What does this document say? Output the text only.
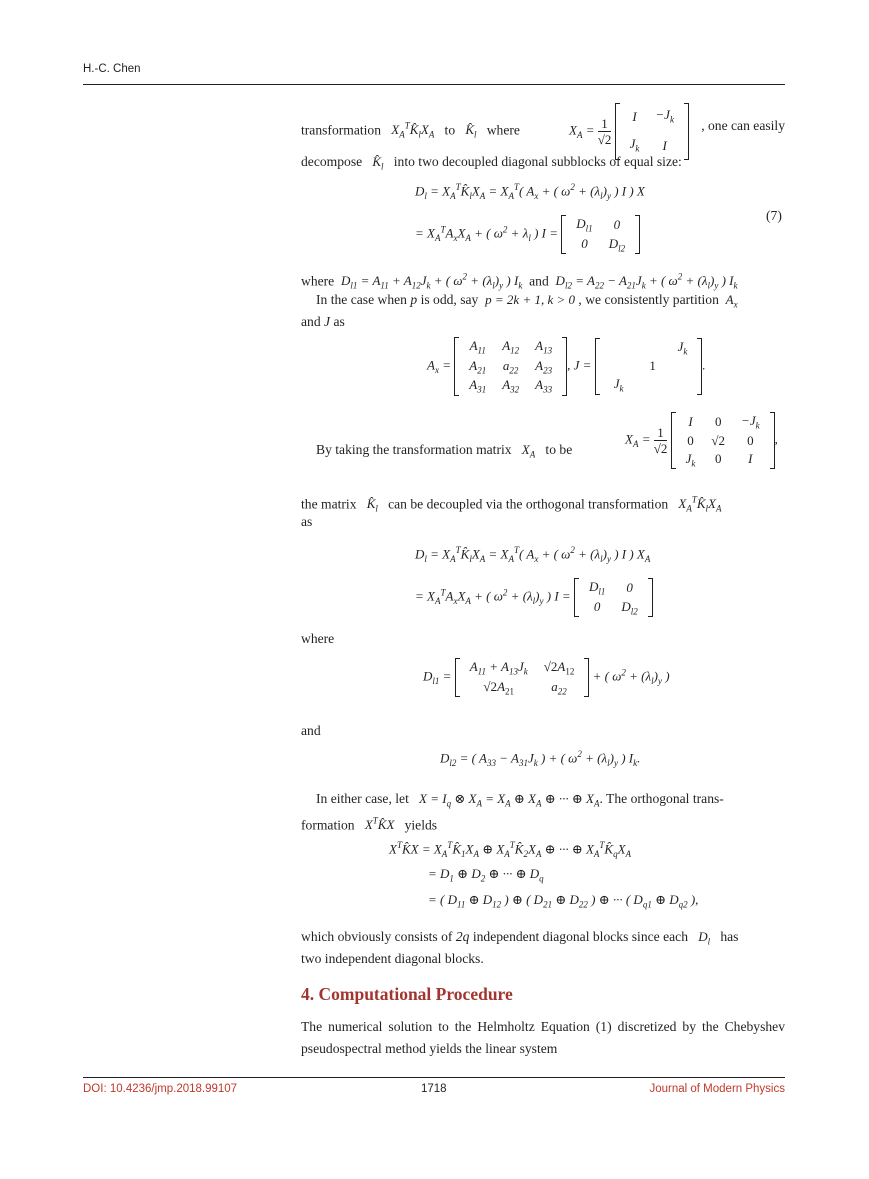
H.-C. Chen
transformation $X_A^TK̂_lX_A$ to $K̂_l$ where	$X_A = \frac{1}{√2}$
I	$-J_k$
$J_k$	I
, one can easily
decompose $K̂_l$ into two decoupled diagonal subblocks of equal size:
$D_l$ = $X_A^TK̂_lX_A = X_A^T$( $A_x$ + ( $\omega^2 + (\lambda_l)_y$ ) I ) X
= $X_A^TA_xX_A$ + ( $\omega^2 + \lambda_l$ ) I =
$D_{l1}$	0
0	$D_{l2}$
(7)
where $D_{l1} = A_{11} + A_{12}J_k$ + ( $\omega^2 + (\lambda_l)_y$ ) $I_k$ and $D_{l2} = A_{22} - A_{21}J_k$ + ( $\omega^2 + (\lambda_l)_y$ ) $I_k$
In the case when p is odd, say p = 2k + 1, k > 0 , we consistently partition $A_x$
and J as
$A_x$ =
$A_{11}$	$A_{12}$	$A_{13}$
$A_{21}$	$a_{22}$	$A_{23}$
$A_{31}$	$A_{32}$	$A_{33}$
, J =
		$J_k$
	1	
$J_k$		
.
By taking the transformation matrix $X_A$ to be
$X_A = \frac{1}{√2}$

I	0	$-J_k$
0	√2	0
$J_k$	0	I
,
the matrix $K̂_l$ can be decoupled via the orthogonal transformation $X_A^TK̂_lX_A$
as
$D_l$ = $X_A^TK̂_lX_A = X_A^T$( $A_x$ + ( $\omega^2 + (\lambda_l)_y$ ) I ) $X_A$
= $X_A^TA_xX_A$ + ( $\omega^2 + (\lambda_l)_y$ ) I =
$D_{l1}$	0
0	$D_{l2}$
where
$D_{l1}$ =
$A_{11} + A_{13}J_k$	$√2A_{12}$
$√2A_{21}$	$a_{22}$
+ ( $\omega^2 + (\lambda_l)_y$ )
and
$D_{l2}$ = ( $A_{33} - A_{31}J_k$ ) + ( $\omega^2 + (\lambda_l)_y$ ) $I_k$.
In either case, let $X = I_q$ ⊗ $X_A = X_A$ ⊕ $X_A$ ⊕ ··· ⊕ $X_A$. The orthogonal trans-
formation $X^TK̂X$ yields
$X^TK̂X$ = $X_A^TK̂_1X_A$ ⊕ $X_A^TK̂_2X_A$ ⊕ ··· ⊕ $X_A^TK̂_qX_A$
= $D_1$ ⊕ $D_2$ ⊕ ··· ⊕ $D_q$
= ( $D_{11}$ ⊕ $D_{12}$ ) ⊕ ( $D_{21}$ ⊕ $D_{22}$ ) ⊕ ··· ( $D_{q1}$ ⊕ $D_{q2}$ ),
which obviously consists of 2q independent diagonal blocks since each $D_l$ has
two independent diagonal blocks.
4. Computational Procedure
The numerical solution to the Helmholtz Equation (1) discretized by the Chebyshev pseudospectral method yields the linear system
DOI: 10.4236/jmp.2018.99107	1718	Journal of Modern Physics
